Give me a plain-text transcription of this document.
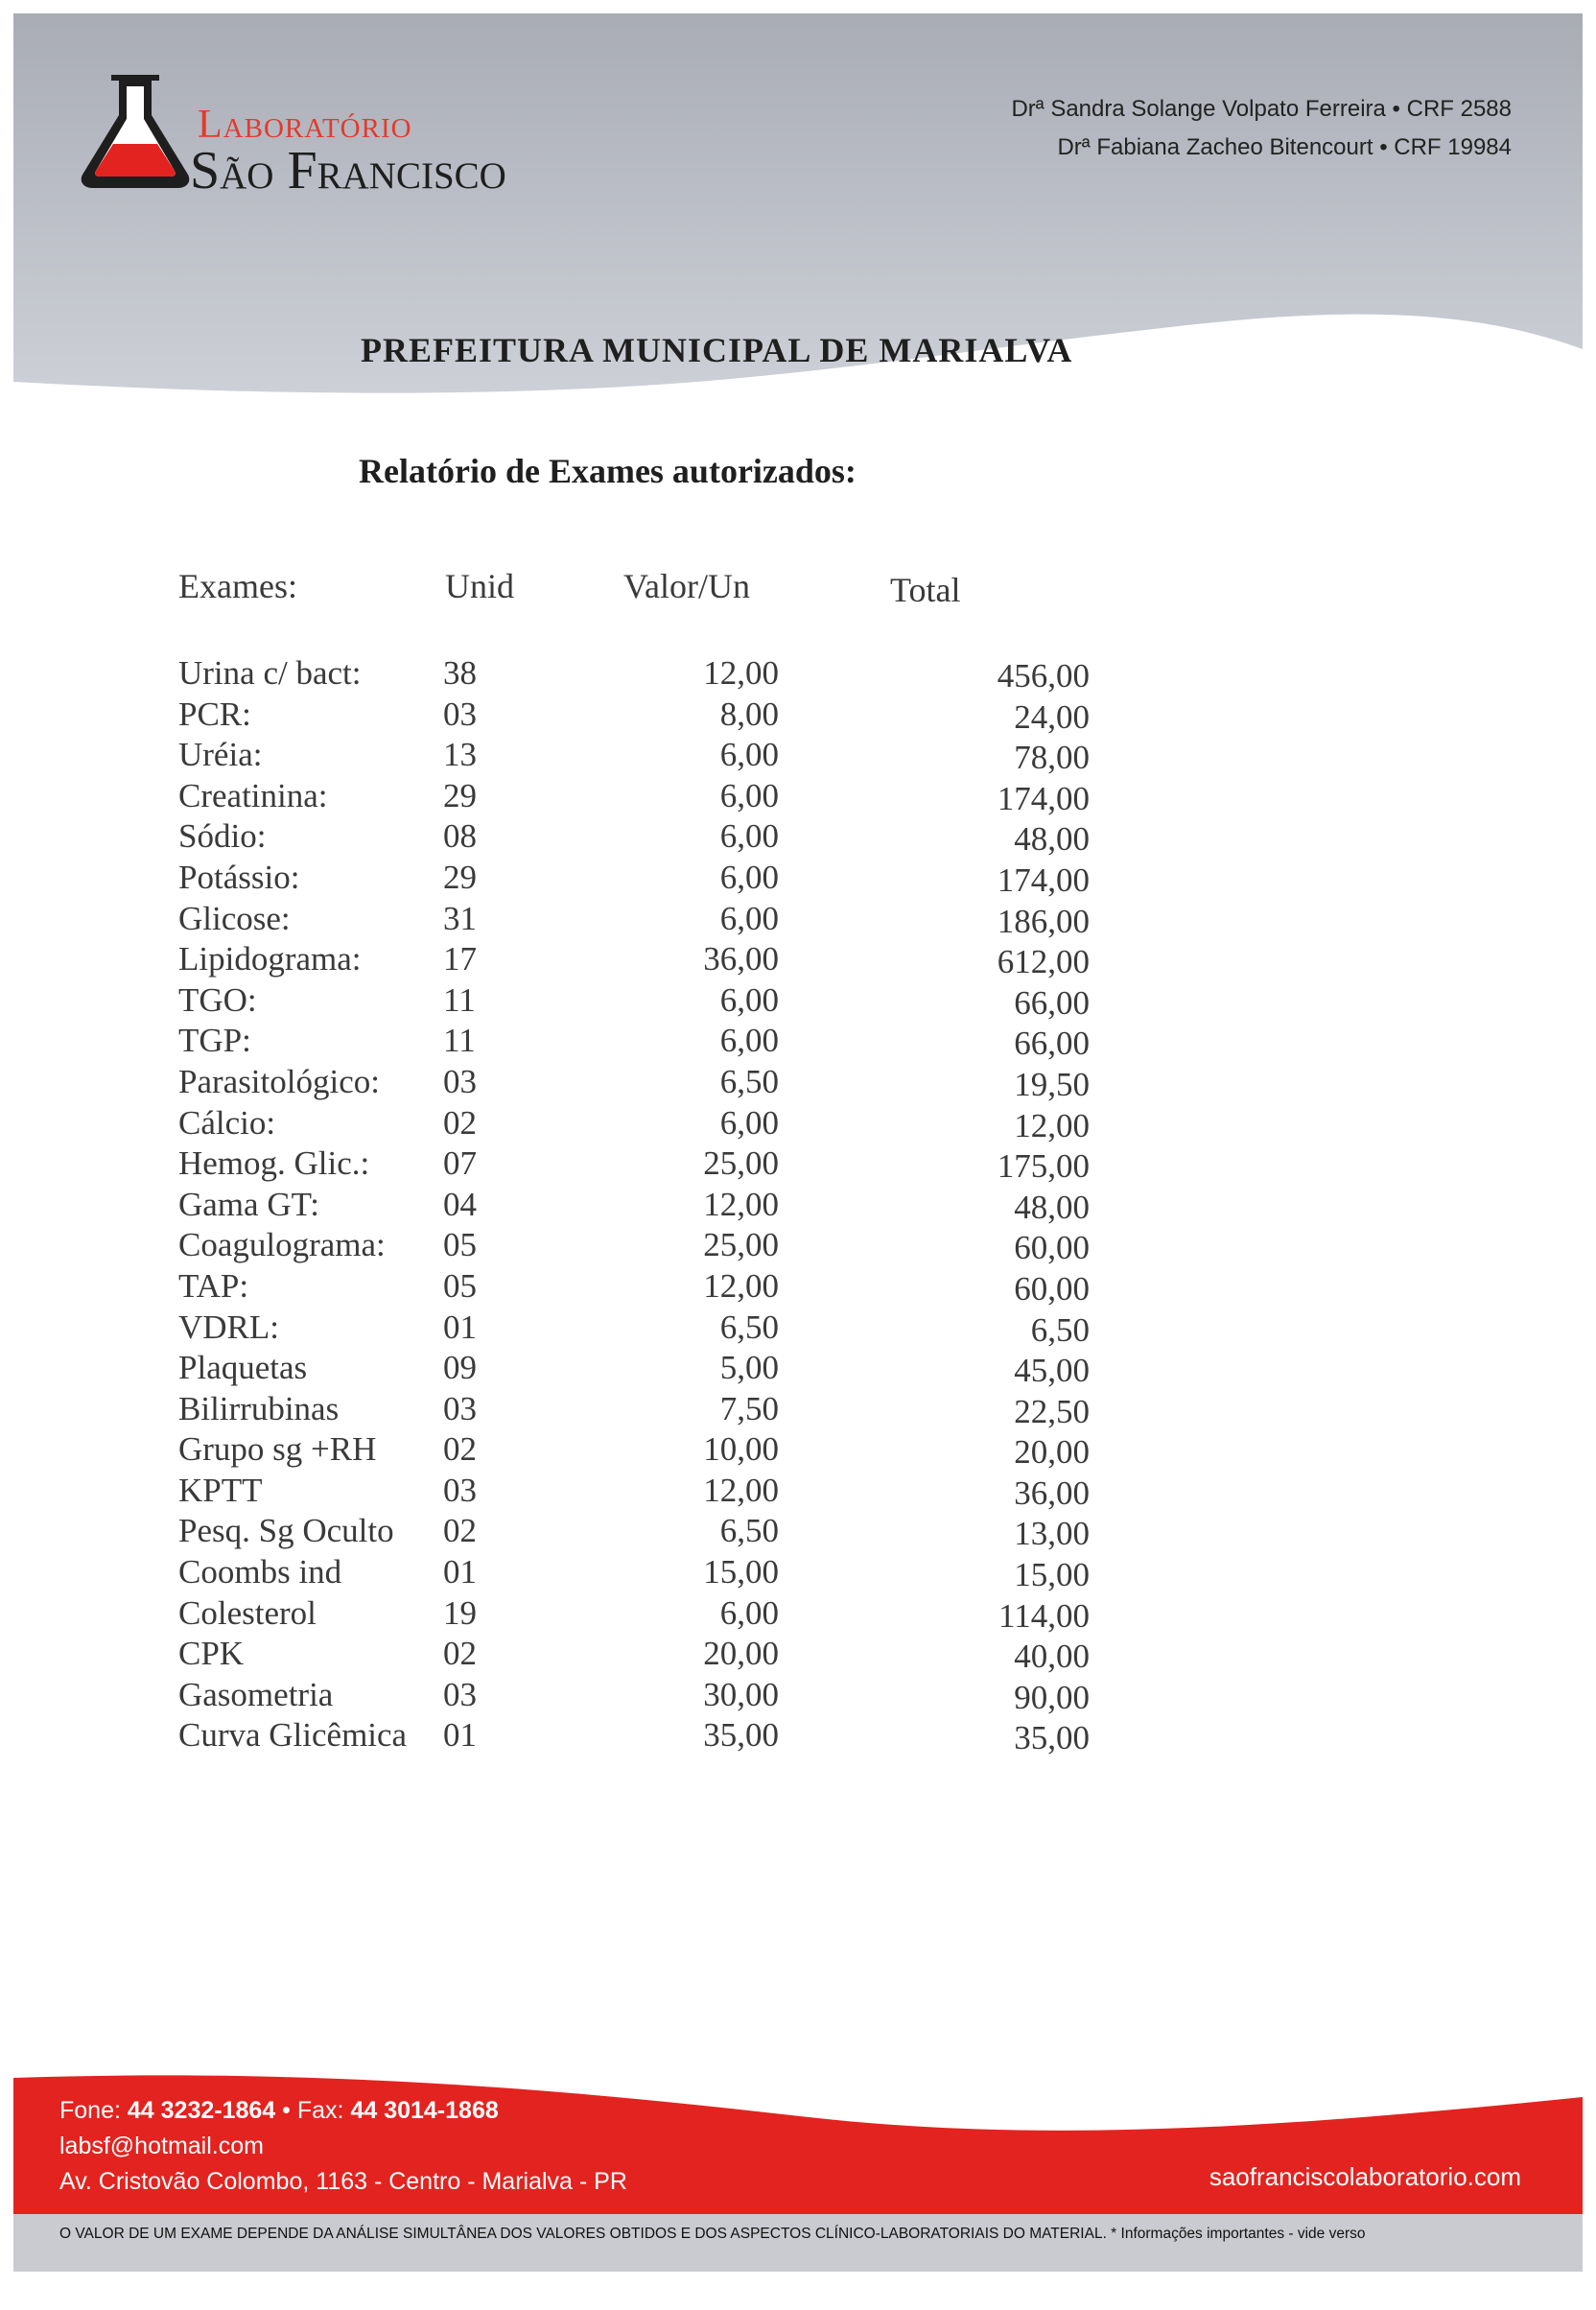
Laboratório
São Francisco
Drª Sandra Solange Volpato Ferreira • CRF 2588
Drª Fabiana Zacheo Bitencourt • CRF 19984
PREFEITURA MUNICIPAL DE MARIALVA
Relatório de Exames autorizados:
Exames:	Unid	Valor/Un	Total
Urina c/ bact: 38	12,00	456,00
PCR:	03	8,00	24,00
Uréia:	13	6,00	78,00
Creatinina:	29	6,00	174,00
Sódio:	08	6,00	48,00
Potássio:	29	6,00	174,00
Glicose:	31	6,00	186,00
Lipidograma: 17	36,00	612,00
TGO:	11	6,00	66,00
TGP:	11	6,00	66,00
Parasitológico: 03	6,50	19,50
Cálcio:	02	6,00	12,00
Hemog. Glic.: 07	25,00	175,00
Gama GT:	04	12,00	48,00
Coagulograma: 05	25,00	60,00
TAP:	05	12,00	60,00
VDRL:	01	6,50	6,50
Plaquetas	09	5,00	45,00
Bilirrubinas	03	7,50	22,50
Grupo sg +RH 02	10,00	20,00
KPTT	03	12,00	36,00
Pesq. Sg Oculto 02	6,50	13,00
Coombs ind	01	15,00	15,00
Colesterol	19	6,00	114,00
CPK	02	20,00	40,00
Gasometria	03	30,00	90,00
Curva Glicêmica 01	35,00	35,00
Fone: 44 3232-1864 • Fax: 44 3014-1868
labsf@hotmail.com
Av. Cristovão Colombo, 1163 - Centro - Marialva - PR	saofranciscolaboratorio.com
O VALOR DE UM EXAME DEPENDE DA ANÁLISE SIMULTÂNEA DOS VALORES OBTIDOS E DOS ASPECTOS CLÍNICO-LABORATORIAIS DO MATERIAL. * Informações importantes - vide verso
